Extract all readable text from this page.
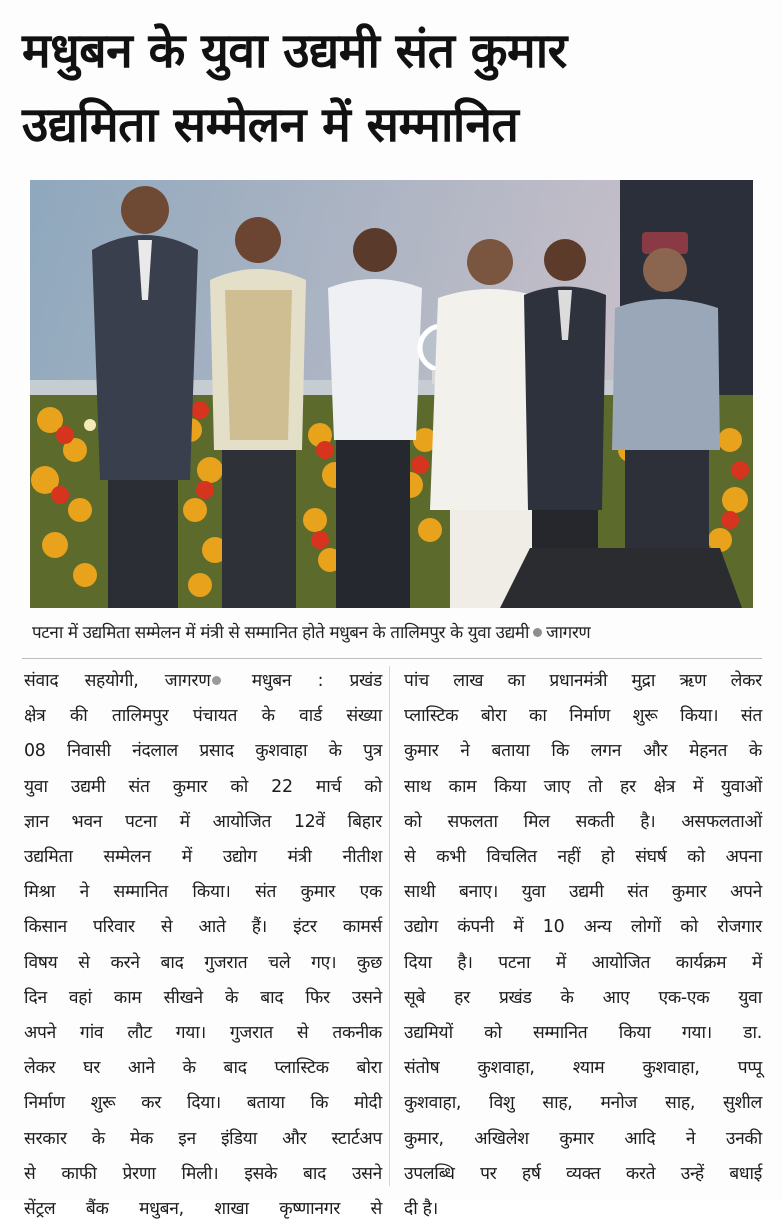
मधुबन के युवा उद्यमी संत कुमार
उद्यमिता सम्मेलन में सम्मानित
पटना में उद्यमिता सम्मेलन में मंत्री से सम्मानित होते मधुबन के तालिमपुर के युवा उद्यमी जागरण
संवाद सहयोगी, जागरण मधुबन : प्रखंड
क्षेत्र की तालिमपुर पंचायत के वार्ड संख्या
08 निवासी नंदलाल प्रसाद कुशवाहा के पुत्र
युवा उद्यमी संत कुमार को 22 मार्च को
ज्ञान भवन पटना में आयोजित 12वें बिहार
उद्यमिता सम्मेलन में उद्योग मंत्री नीतीश
मिश्रा ने सम्मानित किया। संत कुमार एक
किसान परिवार से आते हैं। इंटर कामर्स
विषय से करने बाद गुजरात चले गए। कुछ
दिन वहां काम सीखने के बाद फिर उसने
अपने गांव लौट गया। गुजरात से तकनीक
लेकर घर आने के बाद प्लास्टिक बोरा
निर्माण शुरू कर दिया। बताया कि मोदी
सरकार के मेक इन इंडिया और स्टार्टअप
से काफी प्रेरणा मिली। इसके बाद उसने
सेंट्रल बैंक मधुबन, शाखा कृष्णानगर से
पांच लाख का प्रधानमंत्री मुद्रा ऋण लेकर
प्लास्टिक बोरा का निर्माण शुरू किया। संत
कुमार ने बताया कि लगन और मेहनत के
साथ काम किया जाए तो हर क्षेत्र में युवाओं
को सफलता मिल सकती है। असफलताओं
से कभी विचलित नहीं हो संघर्ष को अपना
साथी बनाए। युवा उद्यमी संत कुमार अपने
उद्योग कंपनी में 10 अन्य लोगों को रोजगार
दिया है। पटना में आयोजित कार्यक्रम में
सूबे हर प्रखंड के आए एक-एक युवा
उद्यमियों को सम्मानित किया गया। डा.
संतोष कुशवाहा, श्याम कुशवाहा, पप्पू
कुशवाहा, विशु साह, मनोज साह, सुशील
कुमार, अखिलेश कुमार आदि ने उनकी
उपलब्धि पर हर्ष व्यक्त करते उन्हें बधाई
दी है।
